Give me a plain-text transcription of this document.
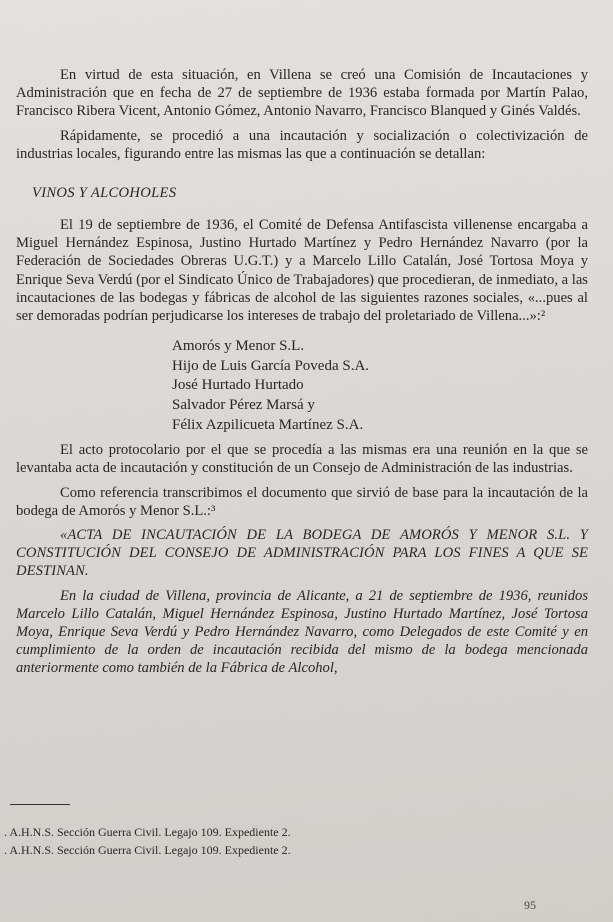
En virtud de esta situación, en Villena se creó una Comisión de Incautaciones y Administración que en fecha de 27 de septiembre de 1936 estaba formada por Martín Palao, Francisco Ribera Vicent, Antonio Gómez, Antonio Navarro, Francisco Blanqued y Ginés Valdés.

Rápidamente, se procedió a una incautación y socialización o colectivización de industrias locales, figurando entre las mismas las que a continuación se detallan:

VINOS Y ALCOHOLES

El 19 de septiembre de 1936, el Comité de Defensa Antifascista villenense encargaba a Miguel Hernández Espinosa, Justino Hurtado Martínez y Pedro Hernández Navarro (por la Federación de Sociedades Obreras U.G.T.) y a Marcelo Lillo Catalán, José Tortosa Moya y Enrique Seva Verdú (por el Sindicato Único de Trabajadores) que procedieran, de inmediato, a las incautaciones de las bodegas y fábricas de alcohol de las siguientes razones sociales, «...pues al ser demoradas podrían perjudicarse los intereses de trabajo del proletariado de Villena...»:²

Amorós y Menor S.L.
Hijo de Luis García Poveda S.A.
José Hurtado Hurtado
Salvador Pérez Marsá y
Félix Azpilicueta Martínez S.A.

El acto protocolario por el que se procedía a las mismas era una reunión en la que se levantaba acta de incautación y constitución de un Consejo de Administración de las industrias.

Como referencia transcribimos el documento que sirvió de base para la incautación de la bodega de Amorós y Menor S.L.:³

«ACTA DE INCAUTACIÓN DE LA BODEGA DE AMORÓS Y MENOR S.L. Y CONSTITUCIÓN DEL CONSEJO DE ADMINISTRACIÓN PARA LOS FINES A QUE SE DESTINAN.

En la ciudad de Villena, provincia de Alicante, a 21 de septiembre de 1936, reunidos Marcelo Lillo Catalán, Miguel Hernández Espinosa, Justino Hurtado Martínez, José Tortosa Moya, Enrique Seva Verdú y Pedro Hernández Navarro, como Delegados de este Comité y en cumplimiento de la orden de incautación recibida del mismo de la bodega mencionada anteriormente como también de la Fábrica de Alcohol,

. A.H.N.S. Sección Guerra Civil. Legajo 109. Expediente 2.
. A.H.N.S. Sección Guerra Civil. Legajo 109. Expediente 2.
95
